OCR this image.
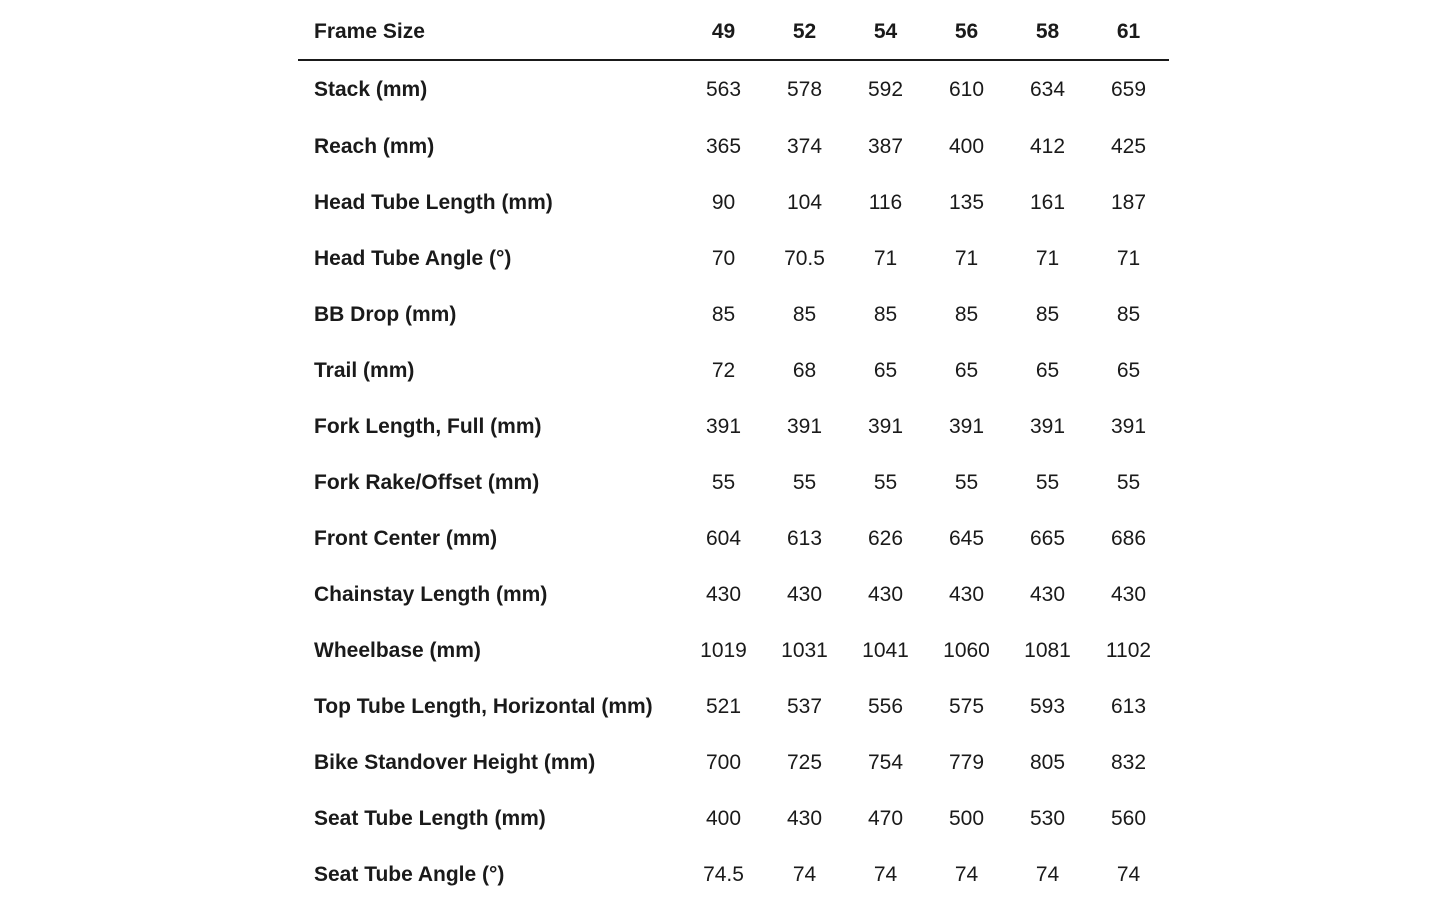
Frame Size	49	52	54	56	58	61
Stack (mm)	563	578	592	610	634	659
Reach (mm)	365	374	387	400	412	425
Head Tube Length (mm)	90	104	116	135	161	187
Head Tube Angle (°)	70	70.5	71	71	71	71
BB Drop (mm)	85	85	85	85	85	85
Trail (mm)	72	68	65	65	65	65
Fork Length, Full (mm)	391	391	391	391	391	391
Fork Rake/Offset (mm)	55	55	55	55	55	55
Front Center (mm)	604	613	626	645	665	686
Chainstay Length (mm)	430	430	430	430	430	430
Wheelbase (mm)	1019	1031	1041	1060	1081	1102
Top Tube Length, Horizontal (mm)	521	537	556	575	593	613
Bike Standover Height (mm)	700	725	754	779	805	832
Seat Tube Length (mm)	400	430	470	500	530	560
Seat Tube Angle (°)	74.5	74	74	74	74	74
